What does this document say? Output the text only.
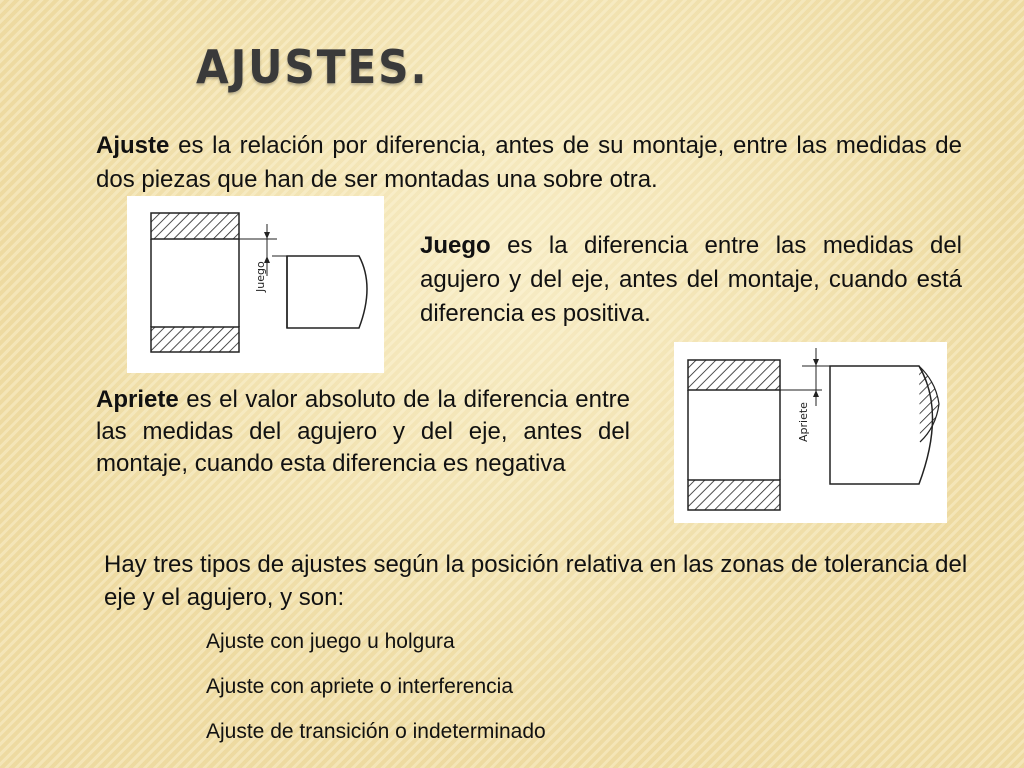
AJUSTES.

Ajuste es la relación por diferencia, antes de su montaje, entre las medidas de dos piezas que han de ser montadas una sobre otra.

Juego

Juego es la diferencia entre las medidas del agujero y del eje, antes del montaje, cuando está diferencia es positiva.

Apriete

Apriete es el valor absoluto de la diferencia entre las medidas del agujero y del eje, antes del montaje, cuando esta diferencia es negativa

Hay tres tipos de ajustes según la posición relativa en las zonas de tolerancia del eje y el agujero, y son:

Ajuste con juego u holgura
Ajuste con apriete o interferencia
Ajuste de transición o indeterminado
